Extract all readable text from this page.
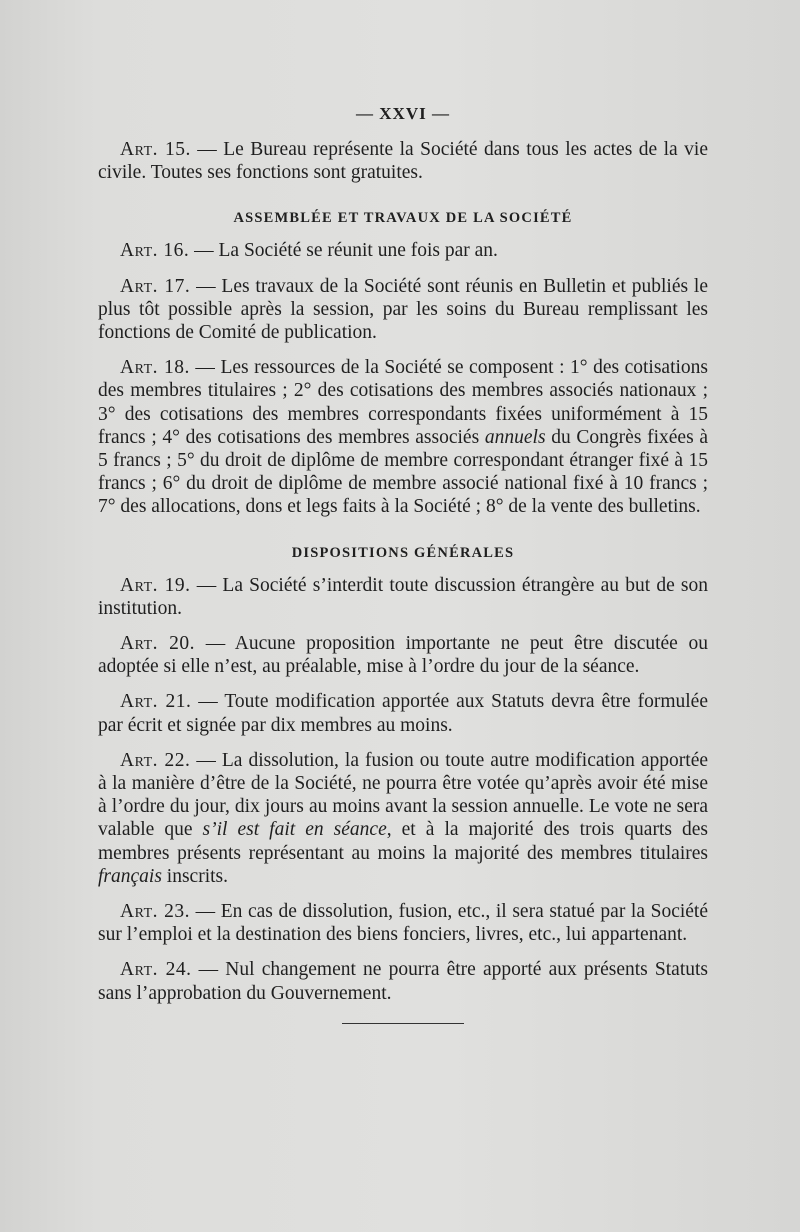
— XXVI —

Art. 15. — Le Bureau représente la Société dans tous les actes de la vie civile. Toutes ses fonctions sont gratuites.

ASSEMBLÉE ET TRAVAUX DE LA SOCIÉTÉ

Art. 16. — La Société se réunit une fois par an.

Art. 17. — Les travaux de la Société sont réunis en Bulletin et publiés le plus tôt possible après la session, par les soins du Bureau remplissant les fonctions de Comité de publication.

Art. 18. — Les ressources de la Société se composent : 1° des cotisations des membres titulaires ; 2° des cotisations des membres associés nationaux ; 3° des cotisations des membres correspondants fixées uniformément à 15 francs ; 4° des cotisations des membres associés annuels du Congrès fixées à 5 francs ; 5° du droit de diplôme de membre correspondant étranger fixé à 15 francs ; 6° du droit de diplôme de membre associé national fixé à 10 francs ; 7° des allocations, dons et legs faits à la Société ; 8° de la vente des bulletins.

DISPOSITIONS GÉNÉRALES

Art. 19. — La Société s’interdit toute discussion étrangère au but de son institution.

Art. 20. — Aucune proposition importante ne peut être discutée ou adoptée si elle n’est, au préalable, mise à l’ordre du jour de la séance.

Art. 21. — Toute modification apportée aux Statuts devra être formulée par écrit et signée par dix membres au moins.

Art. 22. — La dissolution, la fusion ou toute autre modification apportée à la manière d’être de la Société, ne pourra être votée qu’après avoir été mise à l’ordre du jour, dix jours au moins avant la session annuelle. Le vote ne sera valable que s’il est fait en séance, et à la majorité des trois quarts des membres présents représentant au moins la majorité des membres titulaires français inscrits.

Art. 23. — En cas de dissolution, fusion, etc., il sera statué par la Société sur l’emploi et la destination des biens fonciers, livres, etc., lui appartenant.

Art. 24. — Nul changement ne pourra être apporté aux présents Statuts sans l’approbation du Gouvernement.
